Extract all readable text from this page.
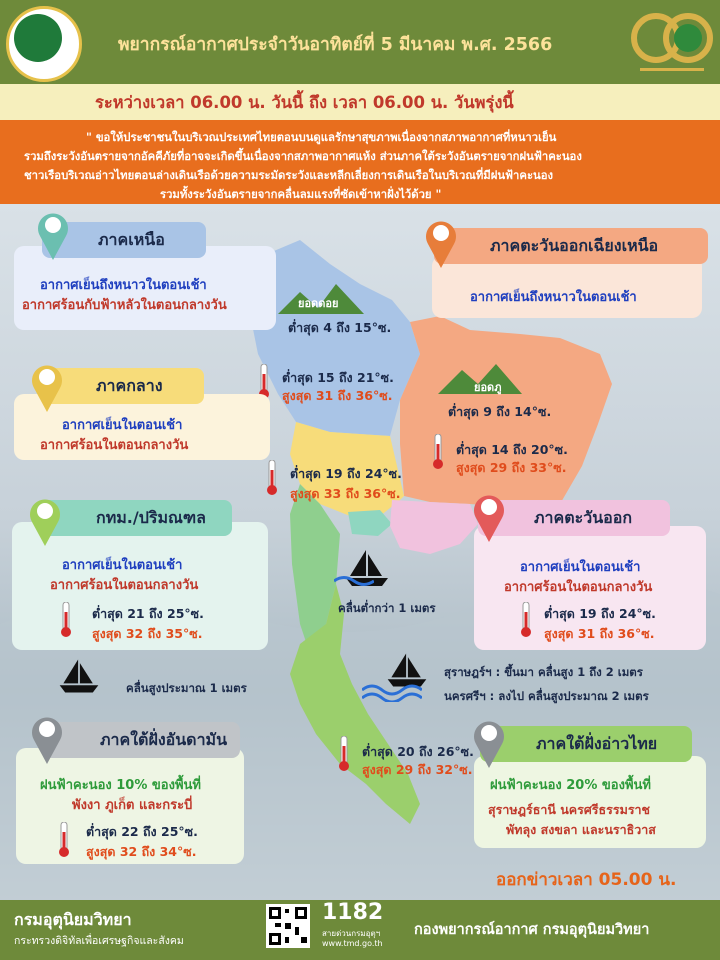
พยากรณ์อากาศประจำวันอาทิตย์ที่ 5 มีนาคม พ.ศ. 2566
ระหว่างเวลา 06.00 น. วันนี้ ถึง เวลา 06.00 น. วันพรุ่งนี้
" ขอให้ประชาชนในบริเวณประเทศไทยตอนบนดูแลรักษาสุขภาพเนื่องจากสภาพอากาศที่หนาวเย็น
รวมถึงระวังอันตรายจากอัคคีภัยที่อาจจะเกิดขึ้นเนื่องจากสภาพอากาศแห้ง ส่วนภาคใต้ระวังอันตรายจากฝนฟ้าคะนอง
ชาวเรือบริเวณอ่าวไทยตอนล่างเดินเรือด้วยความระมัดระวังและหลีกเลี่ยงการเดินเรือในบริเวณที่มีฝนฟ้าคะนอง
รวมทั้งระวังอันตรายจากคลื่นลมแรงที่ซัดเข้าหาฝั่งไว้ด้วย "
ยอดดอย
ต่ำสุด 4 ถึง 15°ซ.
ยอดภู
ต่ำสุด 9 ถึง 14°ซ.
ภาคเหนือ
อากาศเย็นถึงหนาวในตอนเช้า
อากาศร้อนกับฟ้าหลัวในตอนกลางวัน
ต่ำสุด 15 ถึง 21°ซ.
สูงสุด 31 ถึง 36°ซ.
ภาคตะวันออกเฉียงเหนือ
อากาศเย็นถึงหนาวในตอนเช้า
ต่ำสุด 14 ถึง 20°ซ.
สูงสุด 29 ถึง 33°ซ.
ภาคกลาง
อากาศเย็นในตอนเช้า
อากาศร้อนในตอนกลางวัน
ต่ำสุด 19 ถึง 24°ซ.
สูงสุด 33 ถึง 36°ซ.
กทม./ปริมณฑล
อากาศเย็นในตอนเช้า
อากาศร้อนในตอนกลางวัน
ต่ำสุด 21 ถึง 25°ซ.
สูงสุด 32 ถึง 35°ซ.
ภาคตะวันออก
อากาศเย็นในตอนเช้า
อากาศร้อนในตอนกลางวัน
ต่ำสุด 19 ถึง 24°ซ.
สูงสุด 31 ถึง 36°ซ.
คลื่นต่ำกว่า 1 เมตร
คลื่นสูงประมาณ 1 เมตร
สุราษฎร์ฯ : ขึ้นมา คลื่นสูง 1 ถึง 2 เมตร
นครศรีฯ : ลงไป คลื่นสูงประมาณ 2 เมตร
ภาคใต้ฝั่งอันดามัน
ฝนฟ้าคะนอง 10% ของพื้นที่
พังงา ภูเก็ต และกระบี่
ต่ำสุด 22 ถึง 25°ซ.
สูงสุด 32 ถึง 34°ซ.
ภาคใต้ฝั่งอ่าวไทย
ฝนฟ้าคะนอง 20% ของพื้นที่
สุราษฎร์ธานี นครศรีธรรมราช
พัทลุง สงขลา และนราธิวาส
ต่ำสุด 20 ถึง 26°ซ.
สูงสุด 29 ถึง 32°ซ.
ออกข่าวเวลา 05.00 น.
กรมอุตุนิยมวิทยา
กระทรวงดิจิทัลเพื่อเศรษฐกิจและสังคม
1182
สายด่วนกรมอุตุฯ
www.tmd.go.th
กองพยากรณ์อากาศ กรมอุตุนิยมวิทยา
